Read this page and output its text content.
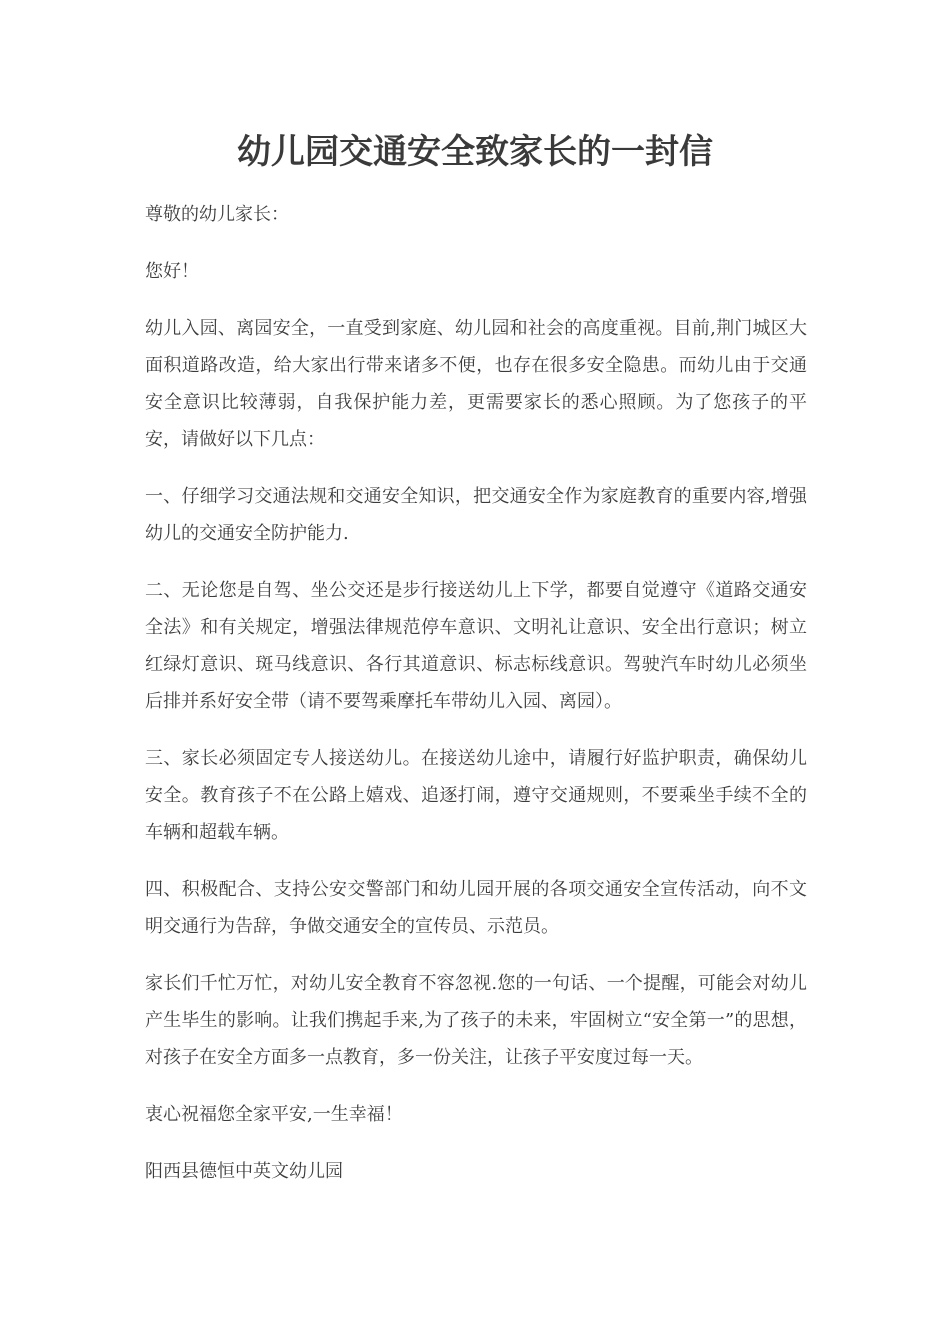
幼儿园交通安全致家长的一封信

尊敬的幼儿家长：

您好！

幼儿入园、离园安全，一直受到家庭、幼儿园和社会的高度重视。目前,荆门城区大面积道路改造，给大家出行带来诸多不便，也存在很多安全隐患。而幼儿由于交通安全意识比较薄弱，自我保护能力差，更需要家长的悉心照顾。为了您孩子的平安，请做好以下几点：

一、仔细学习交通法规和交通安全知识，把交通安全作为家庭教育的重要内容,增强幼儿的交通安全防护能力.

二、无论您是自驾、坐公交还是步行接送幼儿上下学，都要自觉遵守《道路交通安全法》和有关规定，增强法律规范停车意识、文明礼让意识、安全出行意识；树立红绿灯意识、斑马线意识、各行其道意识、标志标线意识。驾驶汽车时幼儿必须坐后排并系好安全带（请不要驾乘摩托车带幼儿入园、离园）。

三、家长必须固定专人接送幼儿。在接送幼儿途中，请履行好监护职责，确保幼儿安全。教育孩子不在公路上嬉戏、追逐打闹，遵守交通规则，不要乘坐手续不全的车辆和超载车辆。

四、积极配合、支持公安交警部门和幼儿园开展的各项交通安全宣传活动，向不文明交通行为告辞，争做交通安全的宣传员、示范员。

家长们千忙万忙，对幼儿安全教育不容忽视.您的一句话、一个提醒，可能会对幼儿产生毕生的影响。让我们携起手来,为了孩子的未来，牢固树立“安全第一”的思想，对孩子在安全方面多一点教育，多一份关注，让孩子平安度过每一天。

衷心祝福您全家平安,一生幸福！

阳西县德恒中英文幼儿园
